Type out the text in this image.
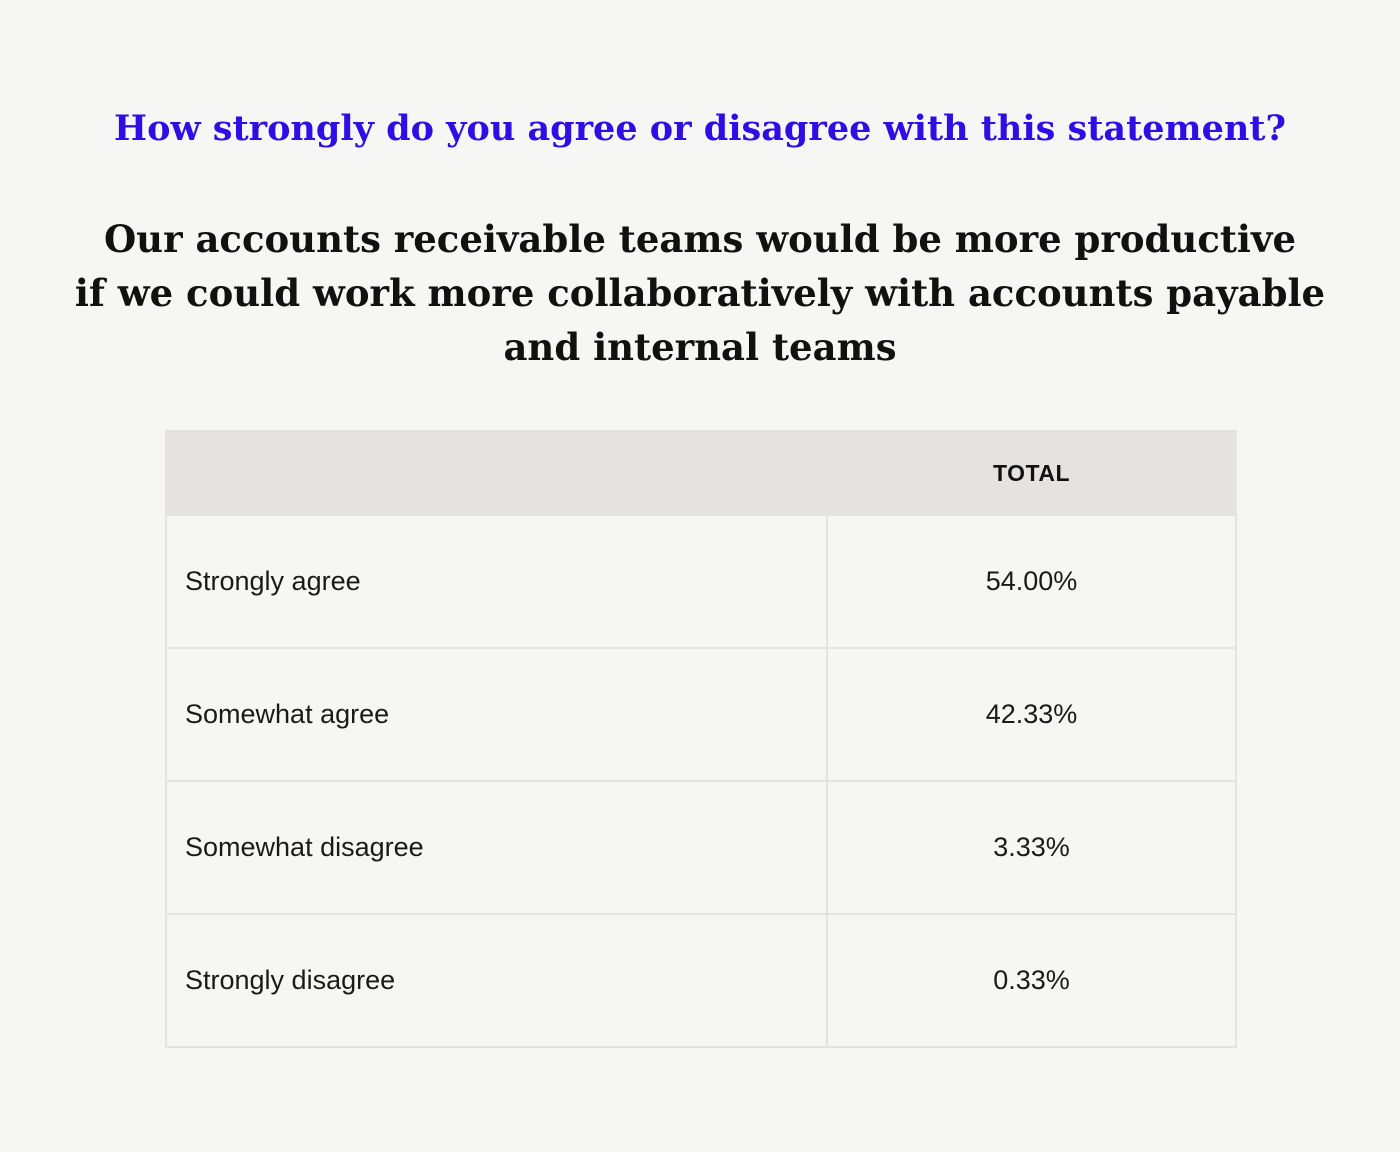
How strongly do you agree or disagree with this statement?
Our accounts receivable teams would be more productive
if we could work more collaboratively with accounts payable
and internal teams
	TOTAL
Strongly agree	54.00%
Somewhat agree	42.33%
Somewhat disagree	3.33%
Strongly disagree	0.33%
